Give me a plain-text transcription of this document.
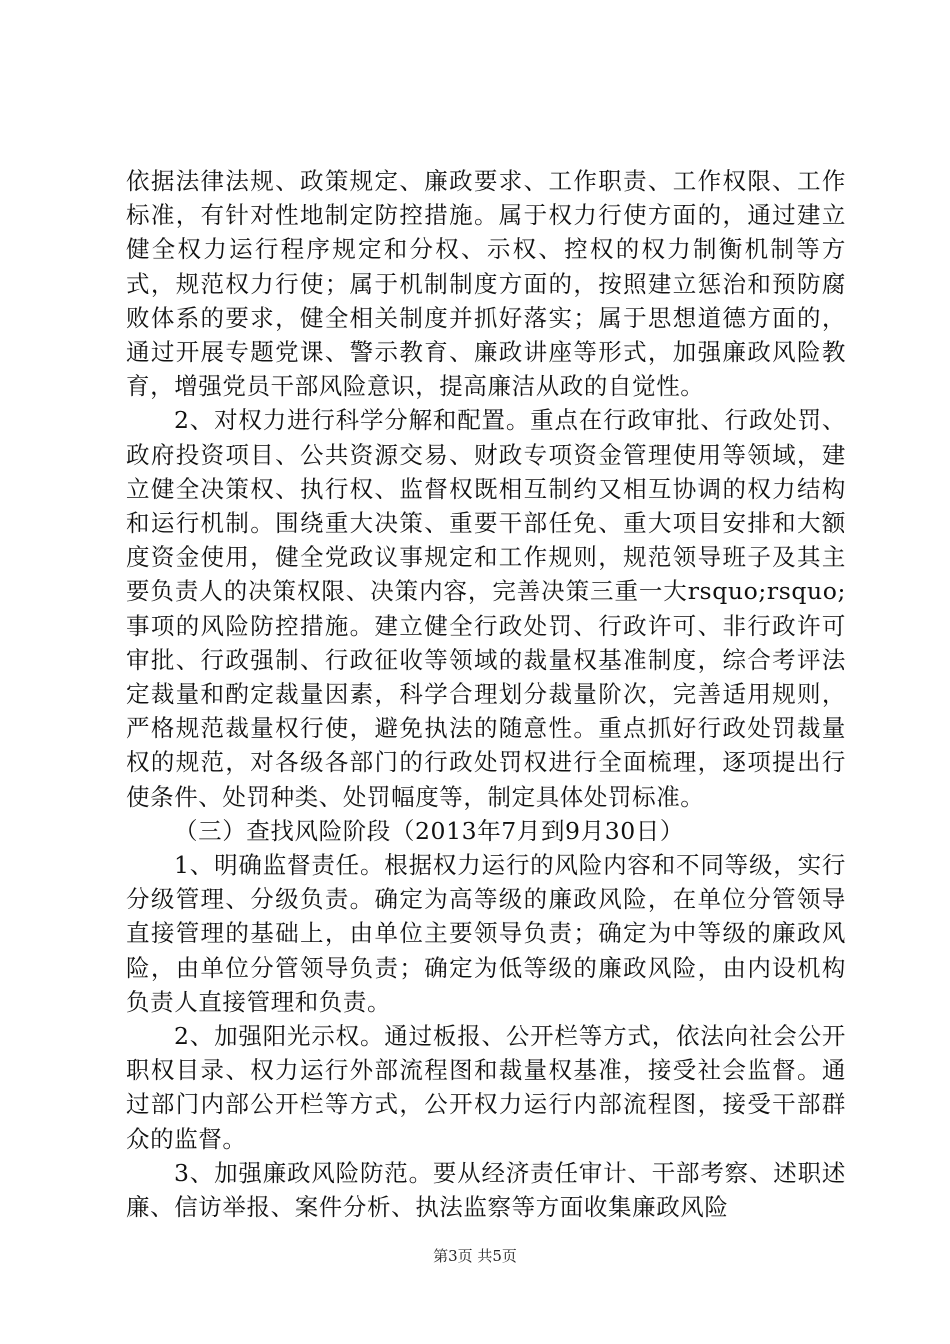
依据法律法规、政策规定、廉政要求、工作职责、工作权限、工作标准，有针对性地制定防控措施。属于权力行使方面的，通过建立健全权力运行程序规定和分权、示权、控权的权力制衡机制等方式，规范权力行使；属于机制制度方面的，按照建立惩治和预防腐败体系的要求，健全相关制度并抓好落实；属于思想道德方面的，通过开展专题党课、警示教育、廉政讲座等形式，加强廉政风险教育，增强党员干部风险意识，提高廉洁从政的自觉性。

2、对权力进行科学分解和配置。重点在行政审批、行政处罚、政府投资项目、公共资源交易、财政专项资金管理使用等领域，建立健全决策权、执行权、监督权既相互制约又相互协调的权力结构和运行机制。围绕重大决策、重要干部任免、重大项目安排和大额度资金使用，健全党政议事规定和工作规则，规范领导班子及其主要负责人的决策权限、决策内容，完善决策三重一大rsquo;rsquo;事项的风险防控措施。建立健全行政处罚、行政许可、非行政许可审批、行政强制、行政征收等领域的裁量权基准制度，综合考评法定裁量和酌定裁量因素，科学合理划分裁量阶次，完善适用规则，严格规范裁量权行使，避免执法的随意性。重点抓好行政处罚裁量权的规范，对各级各部门的行政处罚权进行全面梳理，逐项提出行使条件、处罚种类、处罚幅度等，制定具体处罚标准。

（三）查找风险阶段（2013年7月到9月30日）

1、明确监督责任。根据权力运行的风险内容和不同等级，实行分级管理、分级负责。确定为高等级的廉政风险，在单位分管领导直接管理的基础上，由单位主要领导负责；确定为中等级的廉政风险，由单位分管领导负责；确定为低等级的廉政风险，由内设机构负责人直接管理和负责。

2、加强阳光示权。通过板报、公开栏等方式，依法向社会公开职权目录、权力运行外部流程图和裁量权基准，接受社会监督。通过部门内部公开栏等方式，公开权力运行内部流程图，接受干部群众的监督。

3、加强廉政风险防范。要从经济责任审计、干部考察、述职述廉、信访举报、案件分析、执法监察等方面收集廉政风险

第3页 共5页
